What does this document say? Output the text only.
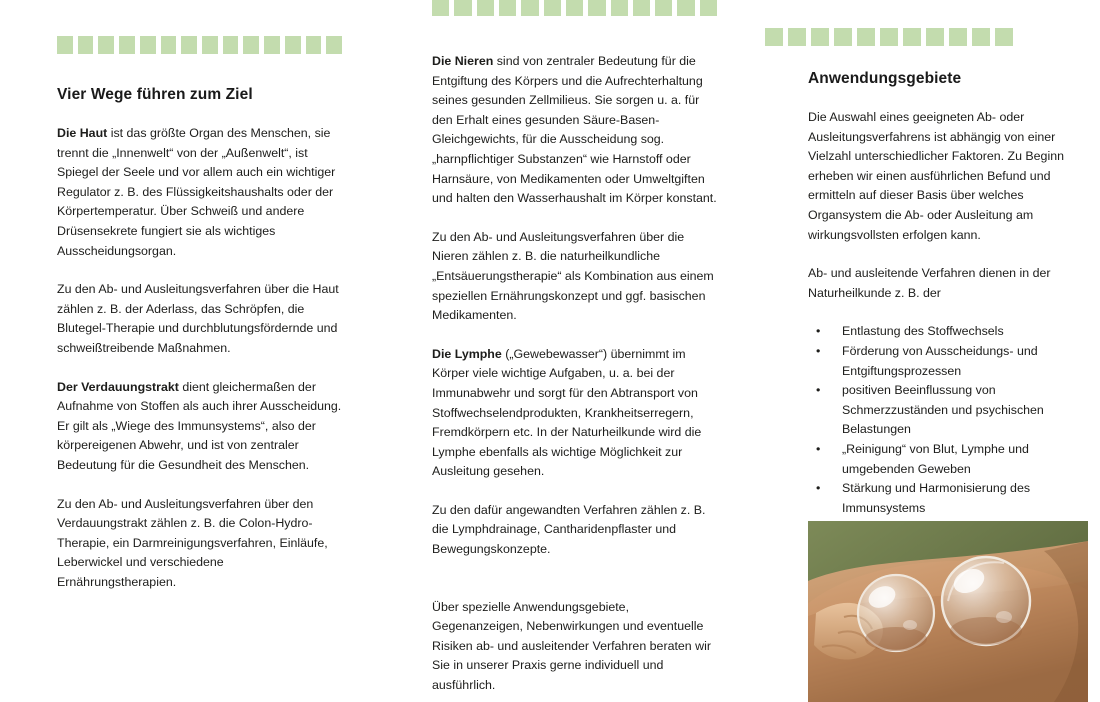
Vier Wege führen zum Ziel

Die Haut ist das größte Organ des Menschen, sie trennt die „Innenwelt“ von der „Außenwelt“, ist Spiegel der Seele und vor allem auch ein wichtiger Regulator z. B. des Flüssigkeitshaushalts oder der Körpertemperatur. Über Schweiß und andere Drüsensekrete fungiert sie als wichtiges Ausscheidungsorgan.

Zu den Ab- und Ausleitungsverfahren über die Haut zählen z. B. der Aderlass, das Schröpfen, die Blutegel-Therapie und durchblutungsfördernde und schweißtreibende Maßnahmen.

Der Verdauungstrakt dient gleichermaßen der Aufnahme von Stoffen als auch ihrer Ausscheidung. Er gilt als „Wiege des Immunsystems“, also der körpereigenen Abwehr, und ist von zentraler Bedeutung für die Gesundheit des Menschen.

Zu den Ab- und Ausleitungsverfahren über den Verdauungstrakt zählen z. B. die Colon-Hydro-Therapie, ein Darmreinigungsverfahren, Einläufe, Leberwickel und verschiedene Ernährungstherapien.

Die Nieren sind von zentraler Bedeutung für die Entgiftung des Körpers und die Aufrechterhaltung seines gesunden Zellmilieus. Sie sorgen u. a. für den Erhalt eines gesunden Säure-Basen-Gleichgewichts, für die Ausscheidung sog. „harnpflichtiger Substanzen“ wie Harnstoff oder Harnsäure, von Medikamenten oder Umweltgiften und halten den Wasserhaushalt im Körper konstant.

Zu den Ab- und Ausleitungsverfahren über die Nieren zählen z. B. die naturheilkundliche „Entsäuerungstherapie“ als Kombination aus einem speziellen Ernährungskonzept und ggf. basischen Medikamenten.

Die Lymphe („Gewebewasser“) übernimmt im Körper viele wichtige Aufgaben, u. a. bei der Immunabwehr und sorgt für den Abtransport von Stoffwechselendprodukten, Krankheitserregern, Fremdkörpern etc. In der Naturheilkunde wird die Lymphe ebenfalls als wichtige Möglichkeit zur Ausleitung gesehen.

Zu den dafür angewandten Verfahren zählen z. B. die Lymphdrainage, Cantharidenpflaster und Bewegungskonzepte.

Über spezielle Anwendungsgebiete, Gegenanzeigen, Nebenwirkungen und eventuelle Risiken ab- und ausleitender Verfahren beraten wir Sie in unserer Praxis gerne individuell und ausführlich.

Anwendungsgebiete

Die Auswahl eines geeigneten Ab- oder Ausleitungsverfahrens ist abhängig von einer Vielzahl unterschiedlicher Faktoren. Zu Beginn erheben wir einen ausführlichen Befund und ermitteln auf dieser Basis über welches Organsystem die Ab- oder Ausleitung am wirkungsvollsten erfolgen kann.

Ab- und ausleitende Verfahren dienen in der Naturheilkunde z. B. der

• Entlastung des Stoffwechsels
• Förderung von Ausscheidungs- und Entgiftungsprozessen
• positiven Beeinflussung von Schmerzzuständen und psychischen Belastungen
• „Reinigung“ von Blut, Lymphe und umgebenden Geweben
• Stärkung und Harmonisierung des Immunsystems
